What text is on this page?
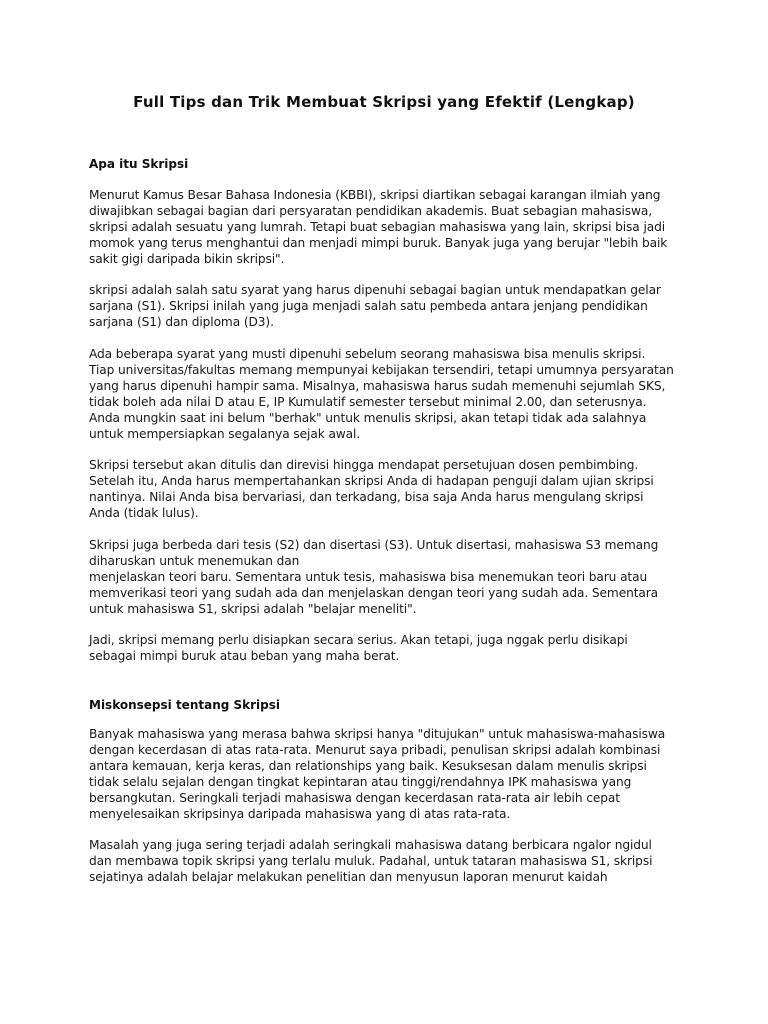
Full Tips dan Trik Membuat Skripsi yang Efektif (Lengkap)
Apa itu Skripsi

Menurut Kamus Besar Bahasa Indonesia (KBBI), skripsi diartikan sebagai karangan ilmiah yang
diwajibkan sebagai bagian dari persyaratan pendidikan akademis. Buat sebagian mahasiswa,
skripsi adalah sesuatu yang lumrah. Tetapi buat sebagian mahasiswa yang lain, skripsi bisa jadi
momok yang terus menghantui dan menjadi mimpi buruk. Banyak juga yang berujar "lebih baik
sakit gigi daripada bikin skripsi".

skripsi adalah salah satu syarat yang harus dipenuhi sebagai bagian untuk mendapatkan gelar
sarjana (S1). Skripsi inilah yang juga menjadi salah satu pembeda antara jenjang pendidikan
sarjana (S1) dan diploma (D3).

Ada beberapa syarat yang musti dipenuhi sebelum seorang mahasiswa bisa menulis skripsi.
Tiap universitas/fakultas memang mempunyai kebijakan tersendiri, tetapi umumnya persyaratan
yang harus dipenuhi hampir sama. Misalnya, mahasiswa harus sudah memenuhi sejumlah SKS,
tidak boleh ada nilai D atau E, IP Kumulatif semester tersebut minimal 2.00, dan seterusnya.
Anda mungkin saat ini belum "berhak" untuk menulis skripsi, akan tetapi tidak ada salahnya
untuk mempersiapkan segalanya sejak awal.

Skripsi tersebut akan ditulis dan direvisi hingga mendapat persetujuan dosen pembimbing.
Setelah itu, Anda harus mempertahankan skripsi Anda di hadapan penguji dalam ujian skripsi
nantinya. Nilai Anda bisa bervariasi, dan terkadang, bisa saja Anda harus mengulang skripsi
Anda (tidak lulus).

Skripsi juga berbeda dari tesis (S2) dan disertasi (S3). Untuk disertasi, mahasiswa S3 memang
diharuskan untuk menemukan dan
menjelaskan teori baru. Sementara untuk tesis, mahasiswa bisa menemukan teori baru atau
memverikasi teori yang sudah ada dan menjelaskan dengan teori yang sudah ada. Sementara
untuk mahasiswa S1, skripsi adalah "belajar meneliti".

Jadi, skripsi memang perlu disiapkan secara serius. Akan tetapi, juga nggak perlu disikapi
sebagai mimpi buruk atau beban yang maha berat.

Miskonsepsi tentang Skripsi

Banyak mahasiswa yang merasa bahwa skripsi hanya "ditujukan" untuk mahasiswa-mahasiswa
dengan kecerdasan di atas rata-rata. Menurut saya pribadi, penulisan skripsi adalah kombinasi
antara kemauan, kerja keras, dan relationships yang baik. Kesuksesan dalam menulis skripsi
tidak selalu sejalan dengan tingkat kepintaran atau tinggi/rendahnya IPK mahasiswa yang
bersangkutan. Seringkali terjadi mahasiswa dengan kecerdasan rata-rata air lebih cepat
menyelesaikan skripsinya daripada mahasiswa yang di atas rata-rata.

Masalah yang juga sering terjadi adalah seringkali mahasiswa datang berbicara ngalor ngidul
dan membawa topik skripsi yang terlalu muluk. Padahal, untuk tataran mahasiswa S1, skripsi
sejatinya adalah belajar melakukan penelitian dan menyusun laporan menurut kaidah
